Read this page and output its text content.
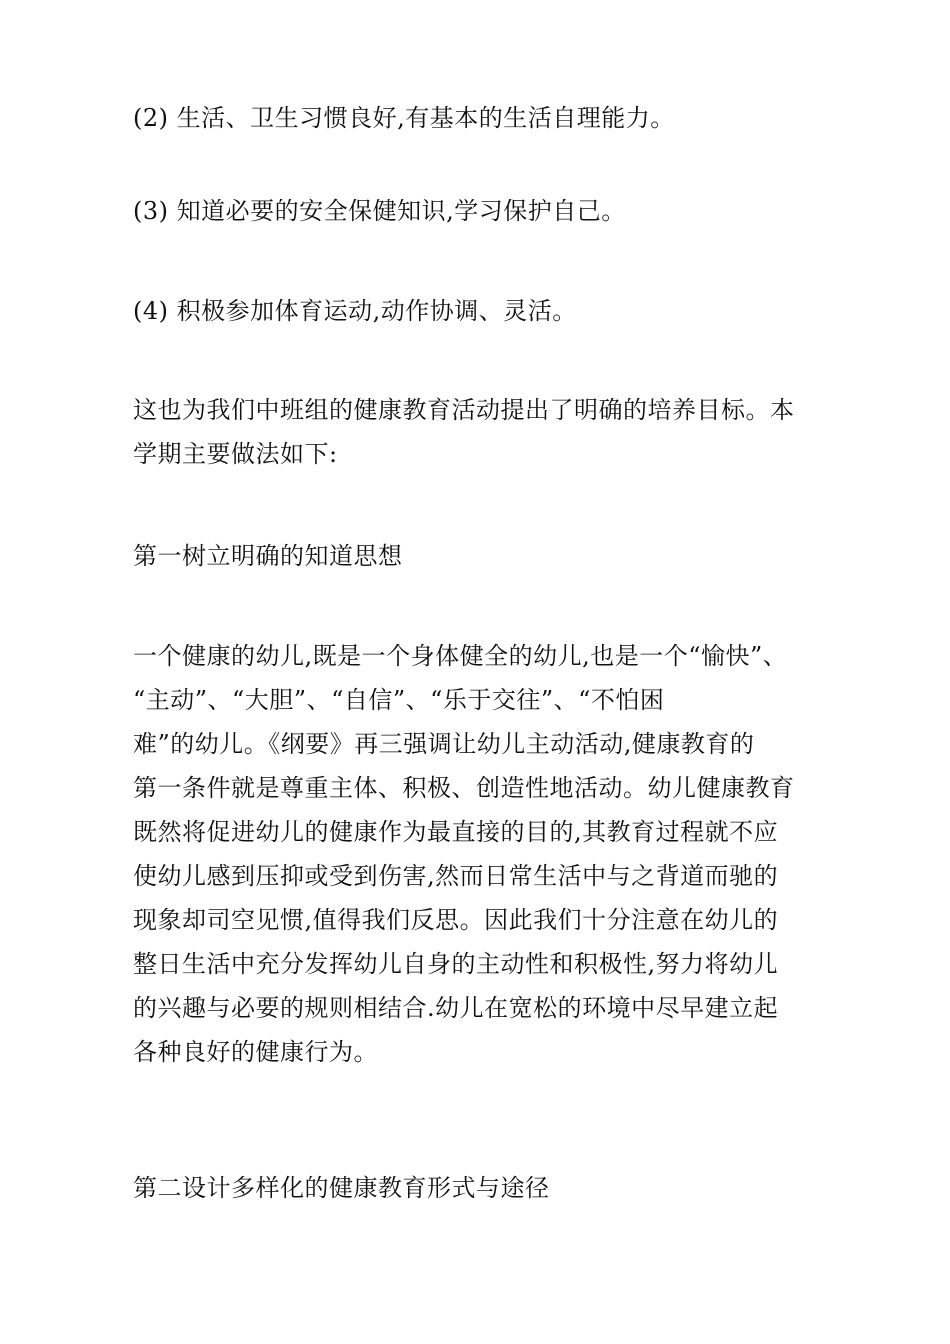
(2) 生活、卫生习惯良好,有基本的生活自理能力。
(3) 知道必要的安全保健知识,学习保护自己。
(4) 积极参加体育运动,动作协调、灵活。
这也为我们中班组的健康教育活动提出了明确的培养目标。本
学期主要做法如下:
第一树立明确的知道思想
一个健康的幼儿,既是一个身体健全的幼儿,也是一个“愉快”、
“主动”、“大胆”、“自信”、“乐于交往”、“不怕困
难”的幼儿。《纲要》再三强调让幼儿主动活动,健康教育的
第一条件就是尊重主体、积极、创造性地活动。幼儿健康教育
既然将促进幼儿的健康作为最直接的目的,其教育过程就不应
使幼儿感到压抑或受到伤害,然而日常生活中与之背道而驰的
现象却司空见惯,值得我们反思。因此我们十分注意在幼儿的
整日生活中充分发挥幼儿自身的主动性和积极性,努力将幼儿
的兴趣与必要的规则相结合.幼儿在宽松的环境中尽早建立起
各种良好的健康行为。
第二设计多样化的健康教育形式与途径
